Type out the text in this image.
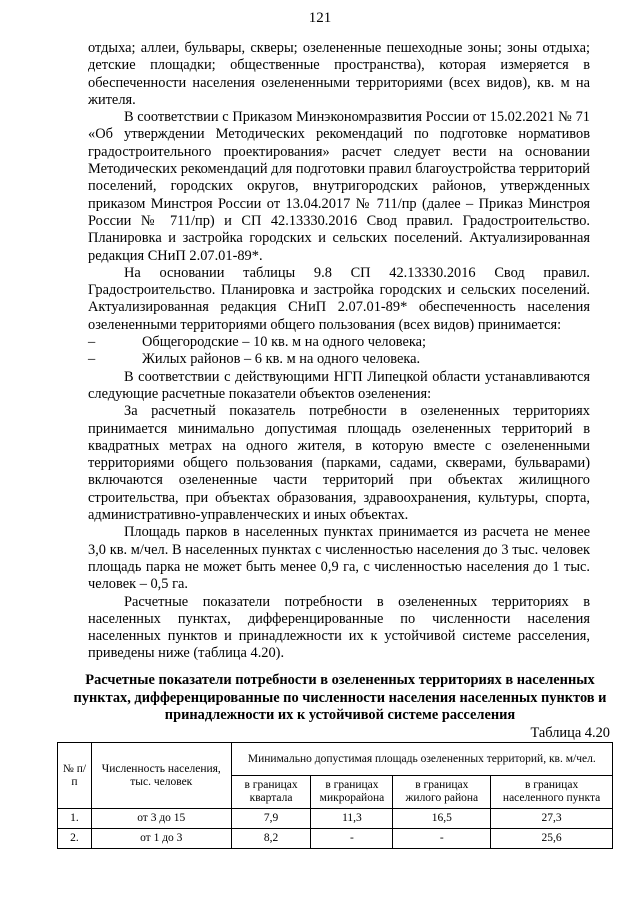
121

отдыха; аллеи, бульвары, скверы; озелененные пешеходные зоны; зоны отдыха; детские площадки; общественные пространства), которая измеряется в обеспеченности населения озелененными территориями (всех видов), кв. м на жителя.

В соответствии с Приказом Минэкономразвития России от 15.02.2021 № 71 «Об утверждении Методических рекомендаций по подготовке нормативов градостроительного проектирования» расчет следует вести на основании Методических рекомендаций для подготовки правил благоустройства территорий поселений, городских округов, внутригородских районов, утвержденных приказом Минстроя России от 13.04.2017 № 711/пр (далее – Приказ Минстроя России № 711/пр) и СП 42.13330.2016 Свод правил. Градостроительство. Планировка и застройка городских и сельских поселений. Актуализированная редакция СНиП 2.07.01-89*.

На основании таблицы 9.8 СП 42.13330.2016 Свод правил. Градостроительство. Планировка и застройка городских и сельских поселений. Актуализированная редакция СНиП 2.07.01-89* обеспеченность населения озелененными территориями общего пользования (всех видов) принимается:

–	Общегородские – 10 кв. м на одного человека;
–	Жилых районов – 6 кв. м на одного человека.

В соответствии с действующими НГП Липецкой области устанавливаются следующие расчетные показатели объектов озеленения:

За расчетный показатель потребности в озелененных территориях принимается минимально допустимая площадь озелененных территорий в квадратных метрах на одного жителя, в которую вместе с озелененными территориями общего пользования (парками, садами, скверами, бульварами) включаются озелененные части территорий при объектах жилищного строительства, при объектах образования, здравоохранения, культуры, спорта, административно-управленческих и иных объектах.

Площадь парков в населенных пунктах принимается из расчета не менее 3,0 кв. м/чел. В населенных пунктах с численностью населения до 3 тыс. человек площадь парка не может быть менее 0,9 га, с численностью населения до 1 тыс. человек – 0,5 га.

Расчетные показатели потребности в озелененных территориях в населенных пунктах, дифференцированные по численности населения населенных пунктов и принадлежности их к устойчивой системе расселения, приведены ниже (таблица 4.20).

Расчетные показатели потребности в озелененных территориях в населенных пунктах, дифференцированные по численности населения населенных пунктов и принадлежности их к устойчивой системе расселения
Таблица 4.20
№ п/п	Численность населения, тыс. человек	Минимально допустимая площадь озелененных территорий, кв. м/чел.			
		в границах квартала	в границах микрорайона	в границах жилого района	в границах населенного пункта
1.	от 3 до 15	7,9	11,3	16,5	27,3
2.	от 1 до 3	8,2	-	-	25,6
